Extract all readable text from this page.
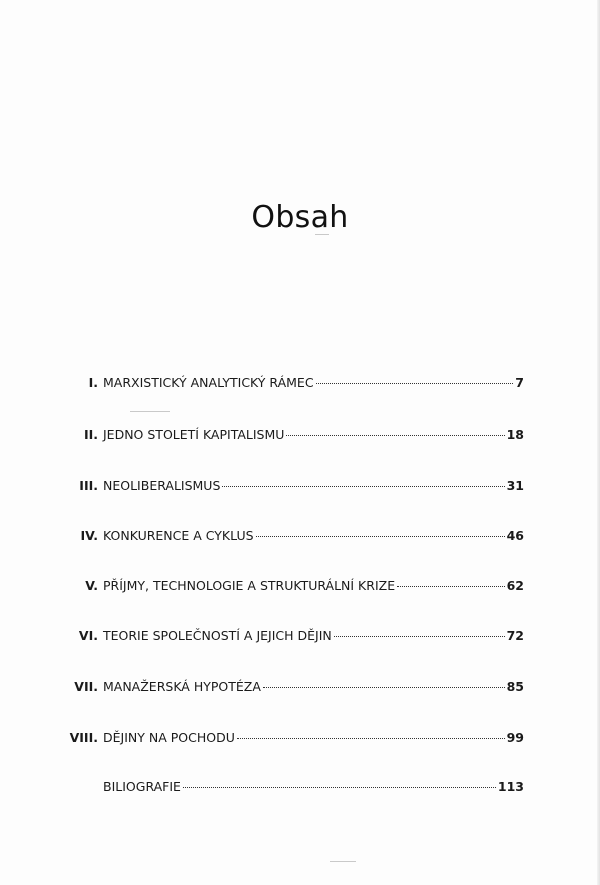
Obsah
I. MARXISTICKÝ ANALYTICKÝ RÁMEC	7
II. JEDNO STOLETÍ KAPITALISMU	18
III. NEOLIBERALISMUS	31
IV. KONKURENCE A CYKLUS	46
V. PŘÍJMY, TECHNOLOGIE A STRUKTURÁLNÍ KRIZE	62
VI. TEORIE SPOLEČNOSTÍ A JEJICH DĚJIN	72
VII. MANAŽERSKÁ HYPOTÉZA	85
VIII. DĚJINY NA POCHODU	99
BILIOGRAFIE	113
